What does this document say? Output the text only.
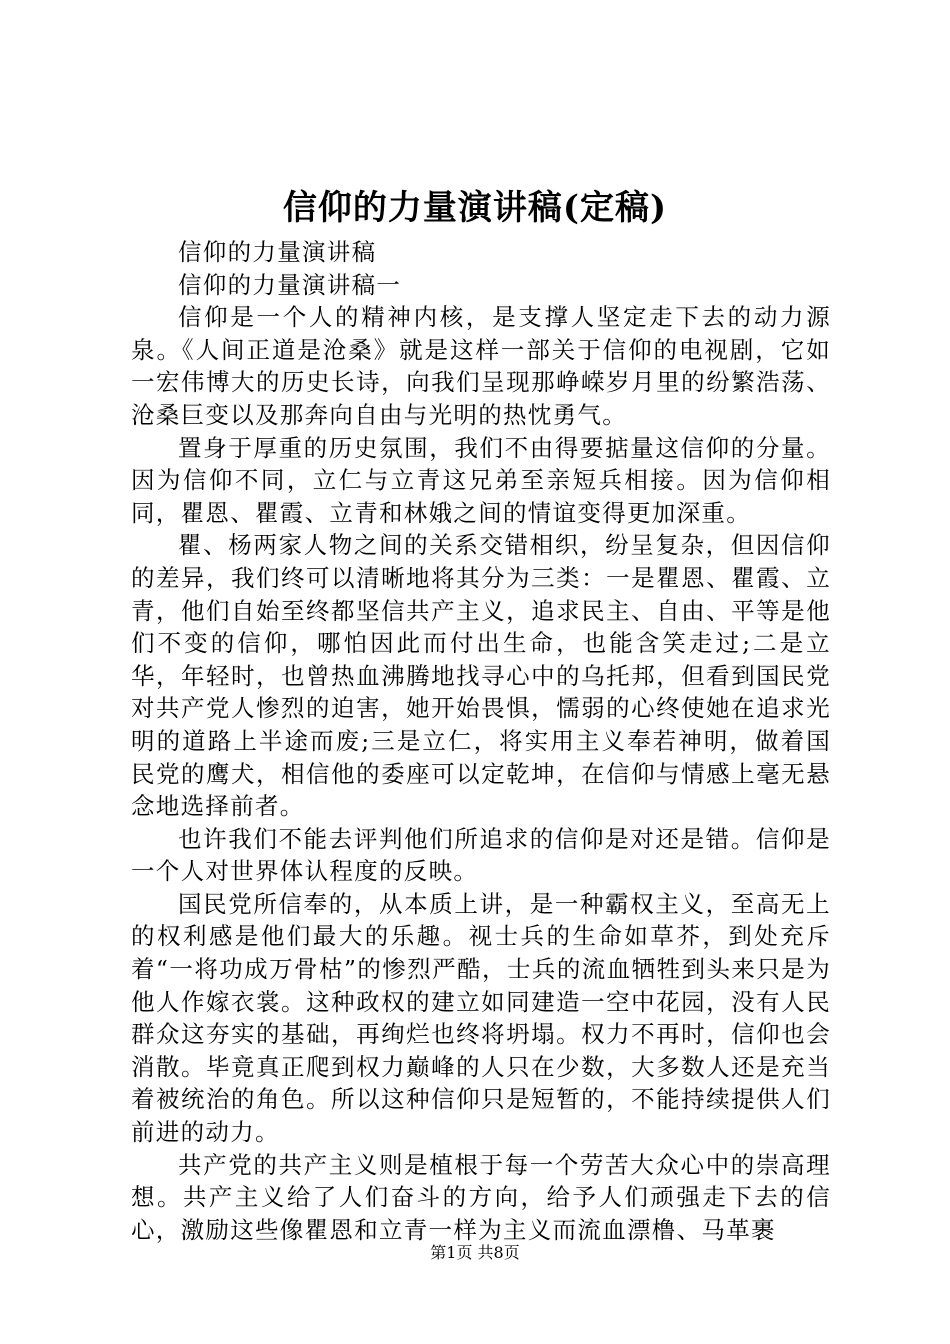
信仰的力量演讲稿(定稿)

信仰的力量演讲稿

信仰的力量演讲稿一

信仰是一个人的精神内核，是支撑人坚定走下去的动力源泉。《人间正道是沧桑》就是这样一部关于信仰的电视剧，它如一宏伟博大的历史长诗，向我们呈现那峥嵘岁月里的纷繁浩荡、沧桑巨变以及那奔向自由与光明的热忱勇气。

置身于厚重的历史氛围，我们不由得要掂量这信仰的分量。因为信仰不同，立仁与立青这兄弟至亲短兵相接。因为信仰相同，瞿恩、瞿霞、立青和林娥之间的情谊变得更加深重。

瞿、杨两家人物之间的关系交错相织，纷呈复杂，但因信仰的差异，我们终可以清晰地将其分为三类：一是瞿恩、瞿霞、立青，他们自始至终都坚信共产主义，追求民主、自由、平等是他们不变的信仰，哪怕因此而付出生命，也能含笑走过;二是立华，年轻时，也曾热血沸腾地找寻心中的乌托邦，但看到国民党对共产党人惨烈的迫害，她开始畏惧，懦弱的心终使她在追求光明的道路上半途而废;三是立仁，将实用主义奉若神明，做着国民党的鹰犬，相信他的委座可以定乾坤，在信仰与情感上毫无悬念地选择前者。

也许我们不能去评判他们所追求的信仰是对还是错。信仰是一个人对世界体认程度的反映。

国民党所信奉的，从本质上讲，是一种霸权主义，至高无上的权利感是他们最大的乐趣。视士兵的生命如草芥，到处充斥着“一将功成万骨枯”的惨烈严酷，士兵的流血牺牲到头来只是为他人作嫁衣裳。这种政权的建立如同建造一空中花园，没有人民群众这夯实的基础，再绚烂也终将坍塌。权力不再时，信仰也会消散。毕竟真正爬到权力巅峰的人只在少数，大多数人还是充当着被统治的角色。所以这种信仰只是短暂的，不能持续提供人们前进的动力。

共产党的共产主义则是植根于每一个劳苦大众心中的崇高理想。共产主义给了人们奋斗的方向，给予人们顽强走下去的信心，激励这些像瞿恩和立青一样为主义而流血漂橹、马革裹

第1页 共8页
